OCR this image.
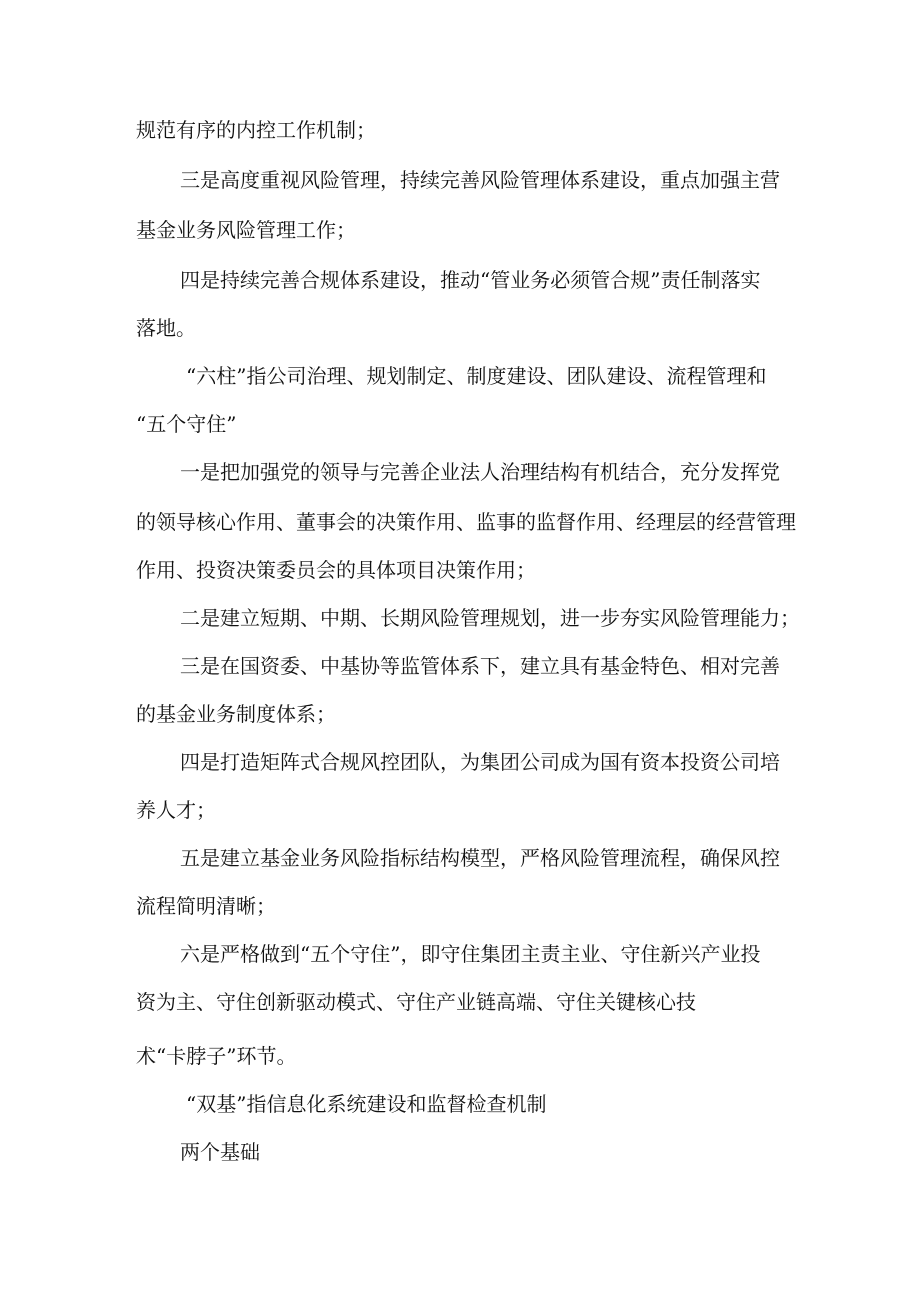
规范有序的内控工作机制；

三是高度重视风险管理，持续完善风险管理体系建设，重点加强主营

基金业务风险管理工作；

四是持续完善合规体系建设，推动“管业务必须管合规”责任制落实

落地。

“六柱”指公司治理、规划制定、制度建设、团队建设、流程管理和

“五个守住”

一是把加强党的领导与完善企业法人治理结构有机结合，充分发挥党

的领导核心作用、董事会的决策作用、监事的监督作用、经理层的经营管理

作用、投资决策委员会的具体项目决策作用；

二是建立短期、中期、长期风险管理规划，进一步夯实风险管理能力；

三是在国资委、中基协等监管体系下，建立具有基金特色、相对完善

的基金业务制度体系；

四是打造矩阵式合规风控团队，为集团公司成为国有资本投资公司培

养人才；

五是建立基金业务风险指标结构模型，严格风险管理流程，确保风控

流程简明清晰；

六是严格做到“五个守住”，即守住集团主责主业、守住新兴产业投

资为主、守住创新驱动模式、守住产业链高端、守住关键核心技

术“卡脖子”环节。

“双基”指信息化系统建设和监督检查机制

两个基础
